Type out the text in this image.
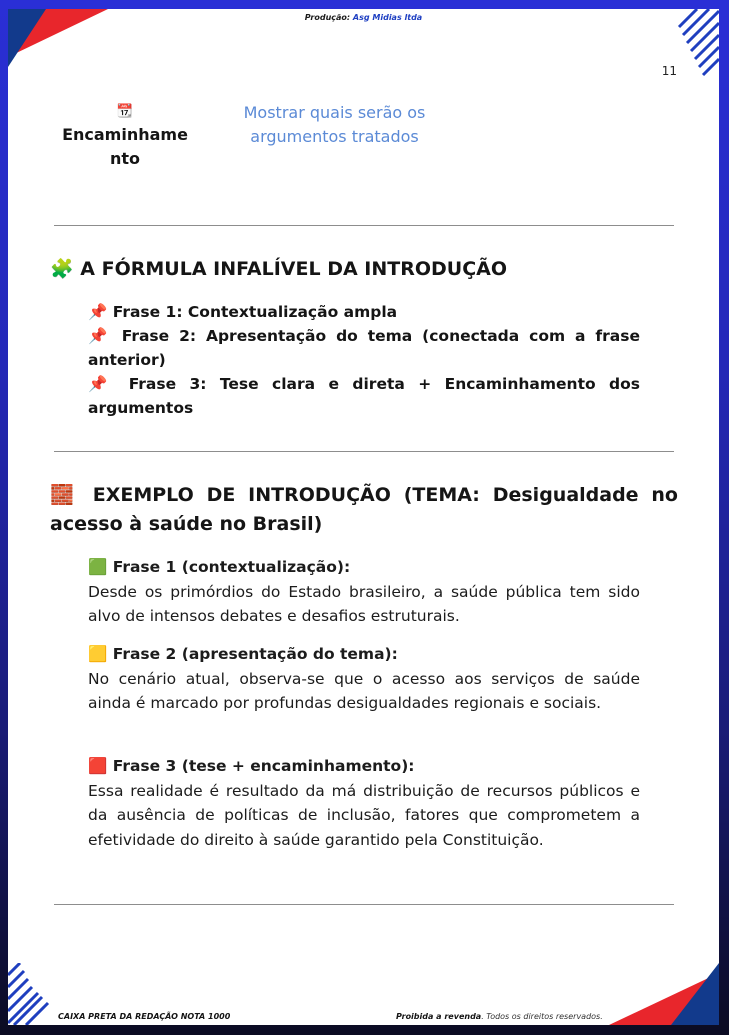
Produção: Asg Midias ltda
11
📆
Encaminhame
nto
Mostrar quais serão os
argumentos tratados
🧩 A FÓRMULA INFALÍVEL DA INTRODUÇÃO

📌 Frase 1: Contextualização ampla

📌 Frase 2: Apresentação do tema (conectada com a frase anterior)

📌 Frase 3: Tese clara e direta + Encaminhamento dos argumentos

🧱 EXEMPLO DE INTRODUÇÃO (TEMA: Desigualdade no acesso à saúde no Brasil)
🟩 Frase 1 (contextualização):
Desde os primórdios do Estado brasileiro, a saúde pública tem sido alvo de intensos debates e desafios estruturais.
🟨 Frase 2 (apresentação do tema):
No cenário atual, observa-se que o acesso aos serviços de saúde ainda é marcado por profundas desigualdades regionais e sociais.
🟥 Frase 3 (tese + encaminhamento):
Essa realidade é resultado da má distribuição de recursos públicos e da ausência de políticas de inclusão, fatores que comprometem a efetividade do direito à saúde garantido pela Constituição.
CAIXA PRETA DA REDAÇÃO NOTA 1000	Proibida a revenda. Todos os direitos reservados.
